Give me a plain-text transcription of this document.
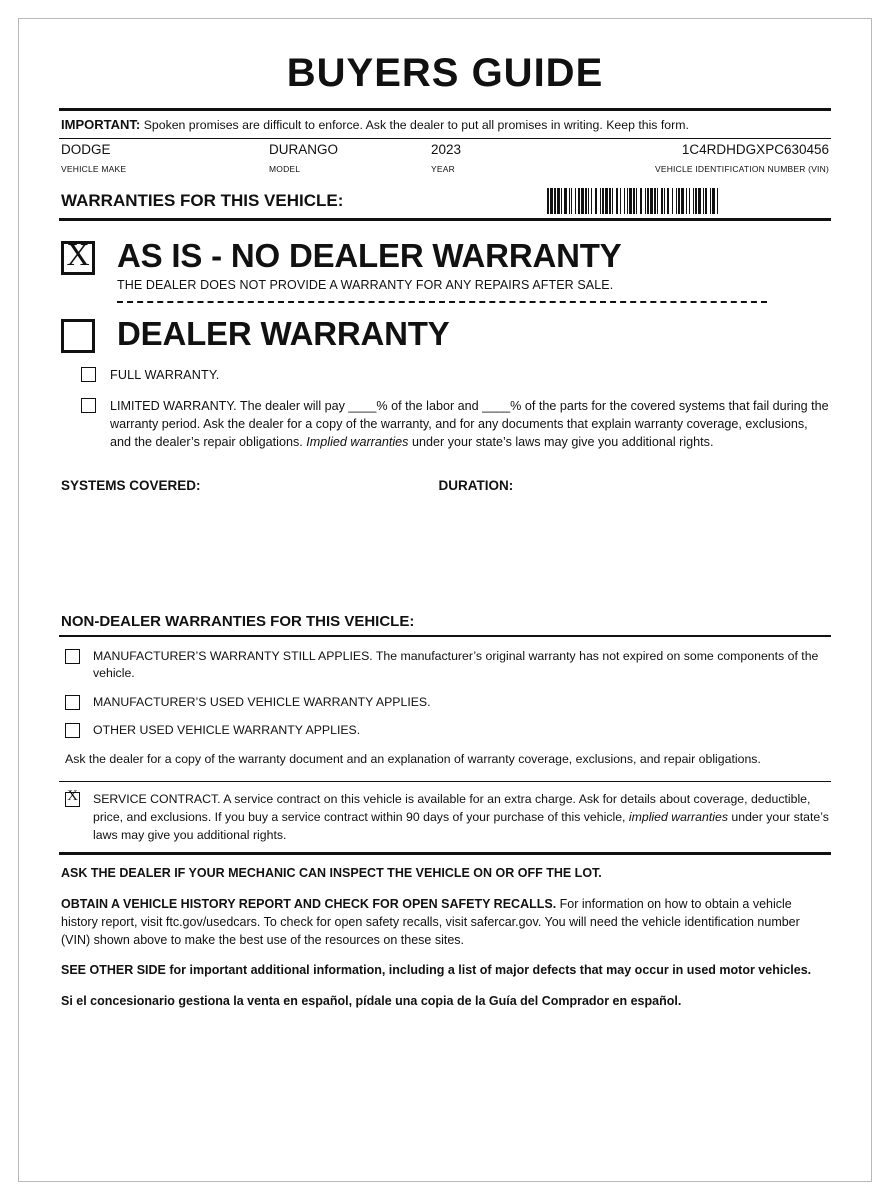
BUYERS GUIDE
IMPORTANT: Spoken promises are difficult to enforce. Ask the dealer to put all promises in writing. Keep this form.
DODGE
VEHICLE MAKE
DURANGO
MODEL
2023
YEAR
1C4RDHDGXPC630456
VEHICLE IDENTIFICATION NUMBER (VIN)
WARRANTIES FOR THIS VEHICLE:
X AS IS - NO DEALER WARRANTY
THE DEALER DOES NOT PROVIDE A WARRANTY FOR ANY REPAIRS AFTER SALE.
DEALER WARRANTY
FULL WARRANTY.
LIMITED WARRANTY. The dealer will pay ____% of the labor and ____% of the parts for the covered systems that fail during the warranty period. Ask the dealer for a copy of the warranty, and for any documents that explain warranty coverage, exclusions, and the dealer’s repair obligations. Implied warranties under your state’s laws may give you additional rights.
SYSTEMS COVERED:	DURATION:
NON-DEALER WARRANTIES FOR THIS VEHICLE:
MANUFACTURER’S WARRANTY STILL APPLIES. The manufacturer’s original warranty has not expired on some components of the vehicle.
MANUFACTURER’S USED VEHICLE WARRANTY APPLIES.
OTHER USED VEHICLE WARRANTY APPLIES.
Ask the dealer for a copy of the warranty document and an explanation of warranty coverage, exclusions, and repair obligations.
X SERVICE CONTRACT. A service contract on this vehicle is available for an extra charge. Ask for details about coverage, deductible, price, and exclusions. If you buy a service contract within 90 days of your purchase of this vehicle, implied warranties under your state’s laws may give you additional rights.

ASK THE DEALER IF YOUR MECHANIC CAN INSPECT THE VEHICLE ON OR OFF THE LOT.

OBTAIN A VEHICLE HISTORY REPORT AND CHECK FOR OPEN SAFETY RECALLS. For information on how to obtain a vehicle history report, visit ftc.gov/usedcars. To check for open safety recalls, visit safercar.gov. You will need the vehicle identification number (VIN) shown above to make the best use of the resources on these sites.

SEE OTHER SIDE for important additional information, including a list of major defects that may occur in used motor vehicles.

Si el concesionario gestiona la venta en español, pídale una copia de la Guía del Comprador en español.
